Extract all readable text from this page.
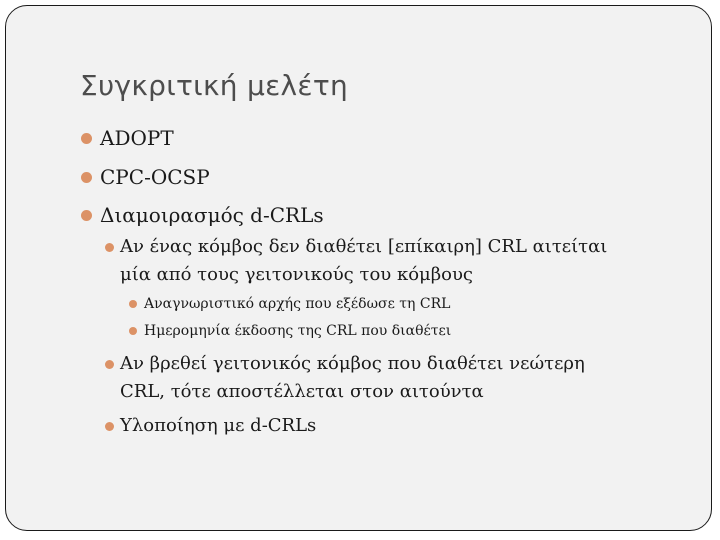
Συγκριτική μελέτη
ADOPT
CPC-OCSP
Διαμοιρασμός d-CRLs
Αν ένας κόμβος δεν διαθέτει [επίκαιρη] CRL αιτείται
μία από τους γειτονικούς του κόμβους
Αναγνωριστικό αρχής που εξέδωσε τη CRL
Ημερομηνία έκδοσης της CRL που διαθέτει
Αν βρεθεί γειτονικός κόμβος που διαθέτει νεώτερη
CRL, τότε αποστέλλεται στον αιτούντα
Υλοποίηση με d-CRLs
